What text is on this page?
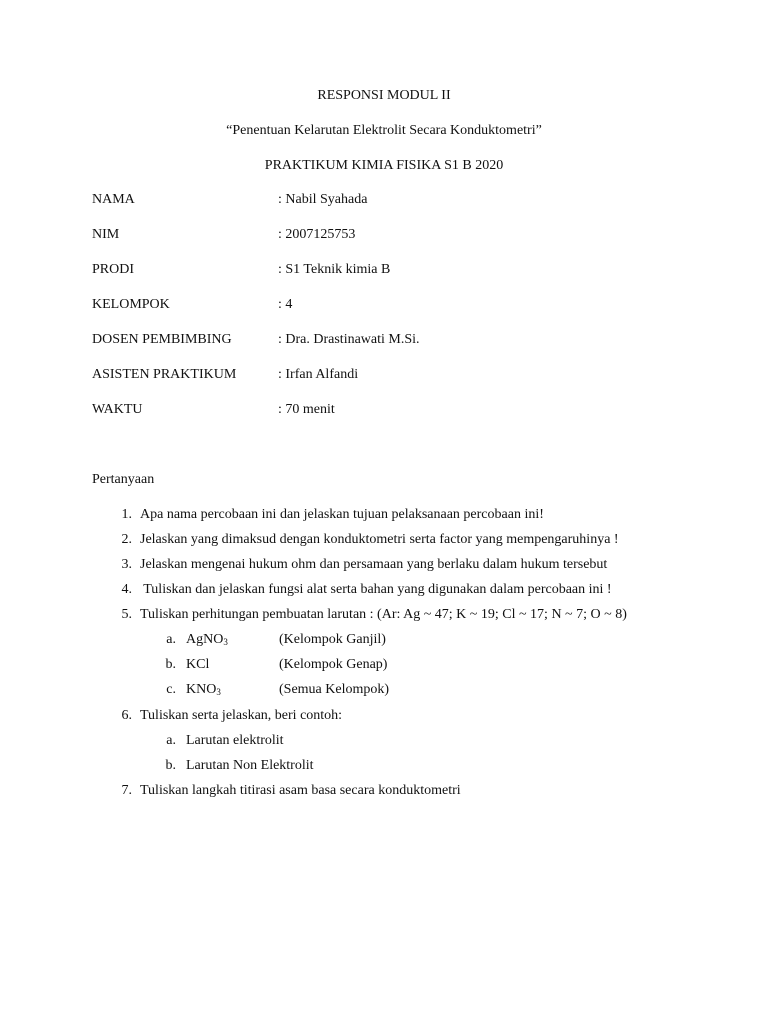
RESPONSI MODUL II
“Penentuan Kelarutan Elektrolit Secara Konduktometri”
PRAKTIKUM KIMIA FISIKA S1 B 2020
NAMA	: Nabil Syahada
NIM	: 2007125753
PRODI	: S1 Teknik kimia B
KELOMPOK	: 4
DOSEN PEMBIMBING	: Dra. Drastinawati M.Si.
ASISTEN PRAKTIKUM	: Irfan Alfandi
WAKTU	: 70 menit
Pertanyaan
1. Apa nama percobaan ini dan jelaskan tujuan pelaksanaan percobaan ini!
2. Jelaskan yang dimaksud dengan konduktometri serta factor yang mempengaruhinya !
3. Jelaskan mengenai hukum ohm dan persamaan yang berlaku dalam hukum tersebut
4. Tuliskan dan jelaskan fungsi alat serta bahan yang digunakan dalam percobaan ini !
5. Tuliskan perhitungan pembuatan larutan : (Ar: Ag ~ 47; K ~ 19; Cl ~ 17; N ~ 7; O ~ 8)
a. AgNO$_3$	(Kelompok Ganjil)
b. KCl	(Kelompok Genap)
c. $KNO_3$	(Semua Kelompok)
6. Tuliskan serta jelaskan, beri contoh:
a. Larutan elektrolit
b. Larutan Non Elektrolit
7. Tuliskan langkah titirasi asam basa secara konduktometri
